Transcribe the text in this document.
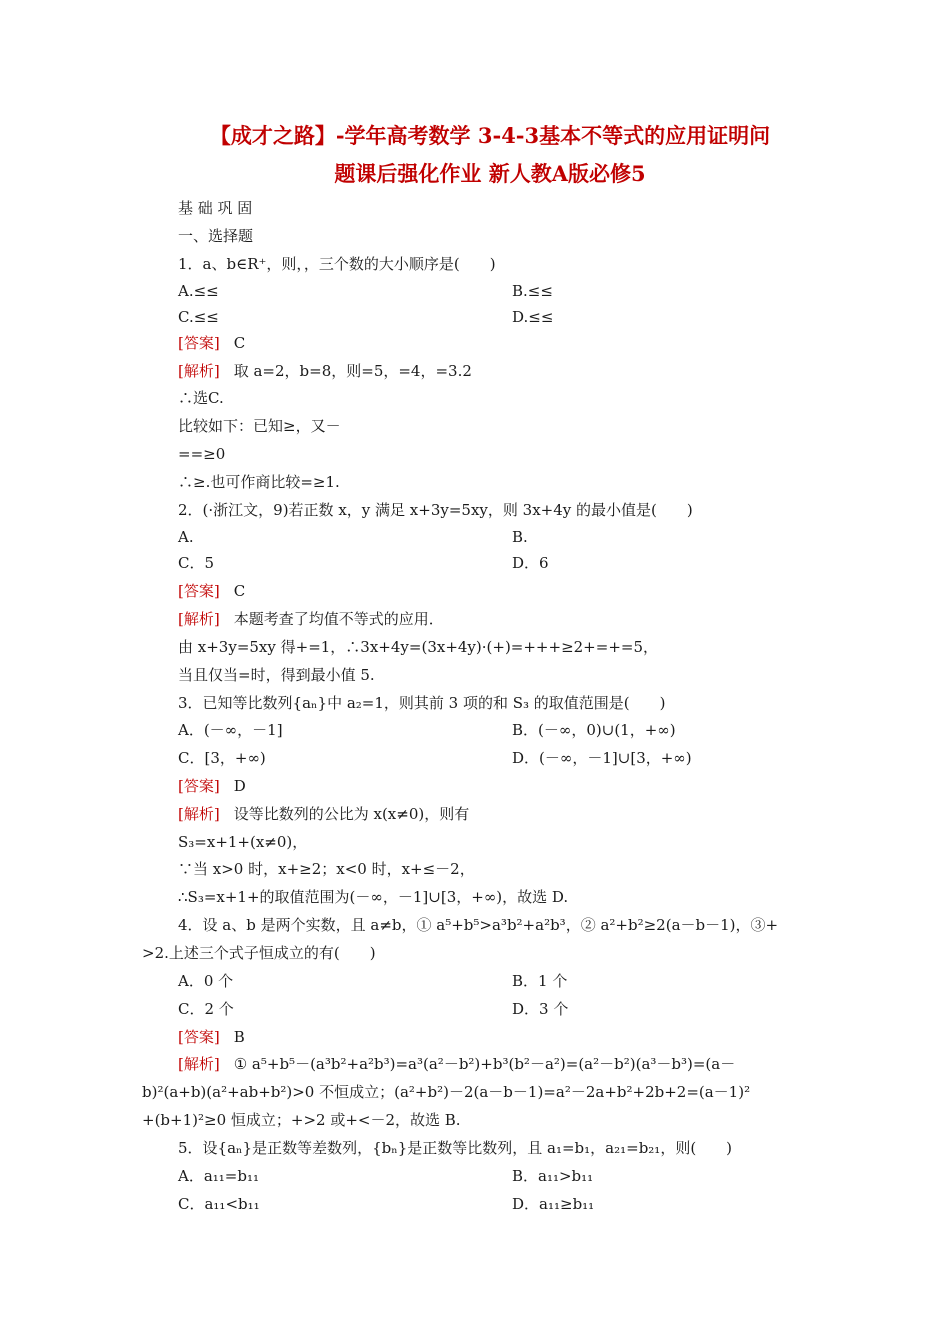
【成才之路】-学年高考数学 3-4-3基本不等式的应用证明问
题课后强化作业 新人教A版必修5
基 础 巩 固
一、选择题
1．a、b∈R⁺，则，，三个数的大小顺序是(　　)
A.≤≤	B.≤≤
C.≤≤	D.≤≤
[答案] C
[解析] 取 a=2，b=8，则=5，=4，=3.2
∴选C.
比较如下：已知≥，又－
==≥0
∴≥.也可作商比较=≥1.
2．(·浙江文，9)若正数 x，y 满足 x+3y=5xy，则 3x+4y 的最小值是(　　)
A.	B.
C．5	D．6
[答案] C
[解析] 本题考查了均值不等式的应用．
由 x+3y=5xy 得+=1，∴3x+4y=(3x+4y)·(+)=+++≥2+=+=5，
当且仅当=时，得到最小值 5.
3．已知等比数列{aₙ}中 a₂=1，则其前 3 项的和 S₃ 的取值范围是(　　)
A．(－∞，－1]	B．(－∞，0)∪(1，+∞)
C．[3，+∞)	D．(－∞，－1]∪[3，+∞)
[答案] D
[解析] 设等比数列的公比为 x(x≠0)，则有
S₃=x+1+(x≠0)，
∵当 x>0 时，x+≥2；x<0 时，x+≤－2，
∴S₃=x+1+的取值范围为(－∞，－1]∪[3，+∞)，故选 D.
4．设 a、b 是两个实数，且 a≠b，① a⁵+b⁵>a³b²+a²b³，② a²+b²≥2(a－b－1)，③+
>2.上述三个式子恒成立的有(　　)
A．0 个	B．1 个
C．2 个	D．3 个
[答案] B
[解析] ① a⁵+b⁵－(a³b²+a²b³)=a³(a²－b²)+b³(b²－a²)=(a²－b²)(a³－b³)=(a－
b)²(a+b)(a²+ab+b²)>0 不恒成立；(a²+b²)－2(a－b－1)=a²－2a+b²+2b+2=(a－1)²
+(b+1)²≥0 恒成立；+>2 或+<－2，故选 B.
5．设{aₙ}是正数等差数列，{bₙ}是正数等比数列，且 a₁=b₁，a₂₁=b₂₁，则(　　)
A．a₁₁=b₁₁	B．a₁₁>b₁₁
C．a₁₁<b₁₁	D．a₁₁≥b₁₁
